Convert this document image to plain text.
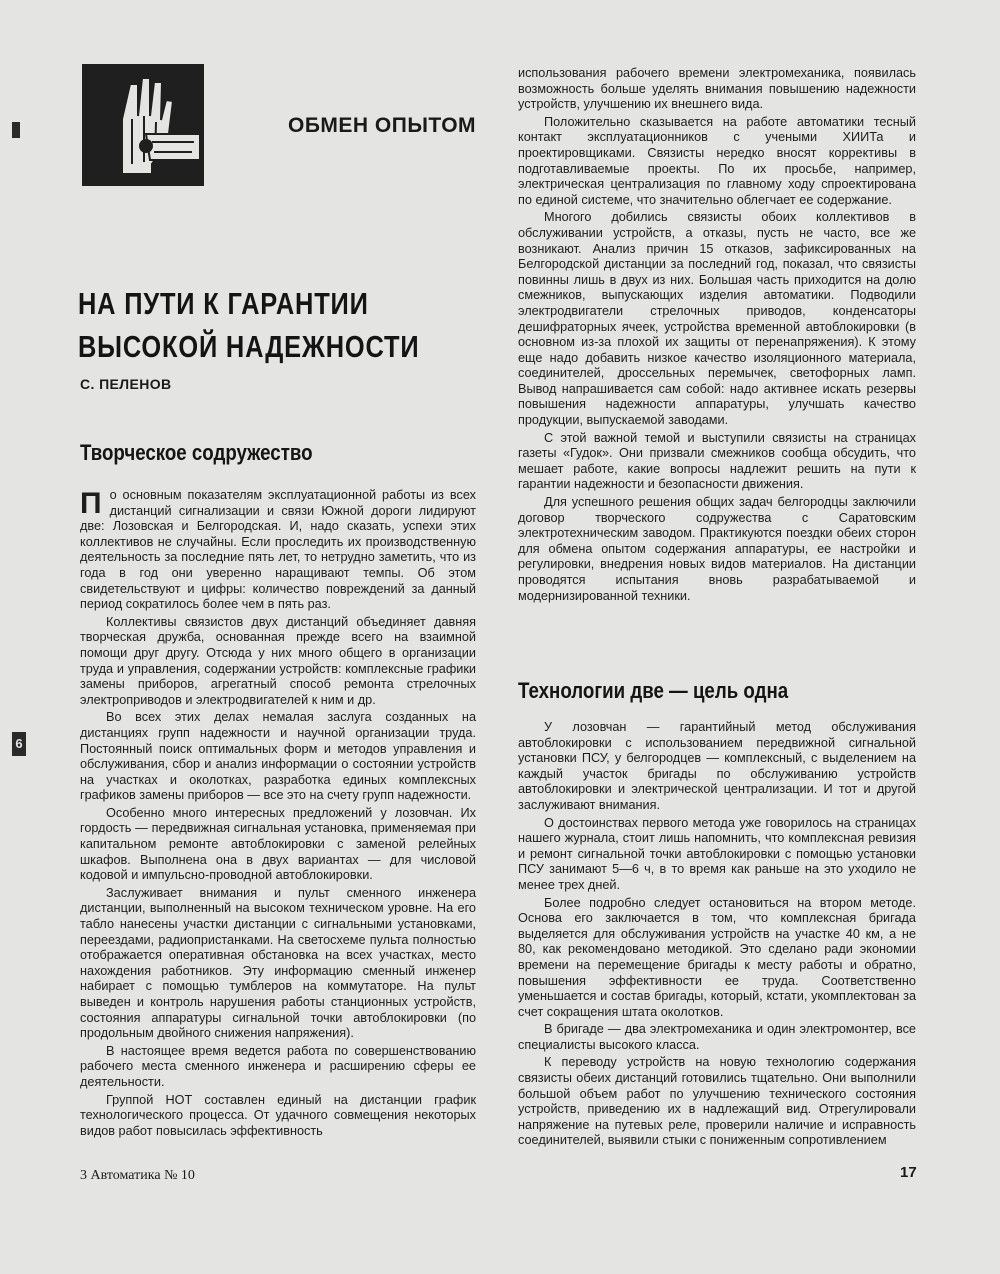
6
ОБМЕН ОПЫТОМ
НА ПУТИ К ГАРАНТИИ
ВЫСОКОЙ НАДЕЖНОСТИ
С. ПЕЛЕНОВ
Творческое содружество

По основным показателям эксплуатационной работы из всех дистанций сигнализации и связи Южной дороги лидируют две: Лозовская и Белгородская. И, надо сказать, успехи этих коллективов не случайны. Если проследить их производственную деятельность за последние пять лет, то нетрудно заметить, что из года в год они уверенно наращивают темпы. Об этом свидетельствуют и цифры: количество повреждений за данный период сократилось более чем в пять раз.

Коллективы связистов двух дистанций объединяет давняя творческая дружба, основанная прежде всего на взаимной помощи друг другу. Отсюда у них много общего в организации труда и управления, содержании устройств: комплексные графики замены приборов, агрегатный способ ремонта стрелочных электроприводов и электродвигателей к ним и др.

Во всех этих делах немалая заслуга созданных на дистанциях групп надежности и научной организации труда. Постоянный поиск оптимальных форм и методов управления и обслуживания, сбор и анализ информации о состоянии устройств на участках и околотках, разработка единых комплексных графиков замены приборов — все это на счету групп надежности.

Особенно много интересных предложений у лозовчан. Их гордость — передвижная сигнальная установка, применяемая при капитальном ремонте автоблокировки с заменой релейных шкафов. Выполнена она в двух вариантах — для числовой кодовой и импульсно-проводной автоблокировки.

Заслуживает внимания и пульт сменного инженера дистанции, выполненный на высоком техническом уровне. На его табло нанесены участки дистанции с сигнальными установками, переездами, радиопристанками. На светосхеме пульта полностью отображается оперативная обстановка на всех участках, место нахождения работников. Эту информацию сменный инженер набирает с помощью тумблеров на коммутаторе. На пульт выведен и контроль нарушения работы станционных устройств, состояния аппаратуры сигнальной точки автоблокировки (по продольным двойного снижения напряжения).

В настоящее время ведется работа по совершенствованию рабочего места сменного инженера и расширению сферы ее деятельности.

Группой НОТ составлен единый на дистанции график технологического процесса. От удачного совмещения некоторых видов работ повысилась эффективность

использования рабочего времени электромеханика, появилась возможность больше уделять внимания повышению надежности устройств, улучшению их внешнего вида.

Положительно сказывается на работе автоматики тесный контакт эксплуатационников с учеными ХИИТа и проектировщиками. Связисты нередко вносят коррективы в подготавливаемые проекты. По их просьбе, например, электрическая централизация по главному ходу спроектирована по единой системе, что значительно облегчает ее содержание.

Многого добились связисты обоих коллективов в обслуживании устройств, а отказы, пусть не часто, все же возникают. Анализ причин 15 отказов, зафиксированных на Белгородской дистанции за последний год, показал, что связисты повинны лишь в двух из них. Большая часть приходится на долю смежников, выпускающих изделия автоматики. Подводили электродвигатели стрелочных приводов, конденсаторы дешифраторных ячеек, устройства временной автоблокировки (в основном из-за плохой их защиты от перенапряжения). К этому еще надо добавить низкое качество изоляционного материала, соединителей, дроссельных перемычек, светофорных ламп. Вывод напрашивается сам собой: надо активнее искать резервы повышения надежности аппаратуры, улучшать качество продукции, выпускаемой заводами.

С этой важной темой и выступили связисты на страницах газеты «Гудок». Они призвали смежников сообща обсудить, что мешает работе, какие вопросы надлежит решить на пути к гарантии надежности и безопасности движения.

Для успешного решения общих задач белгородцы заключили договор творческого содружества с Саратовским электротехническим заводом. Практикуются поездки обеих сторон для обмена опытом содержания аппаратуры, ее настройки и регулировки, внедрения новых видов материалов. На дистанции проводятся испытания вновь разрабатываемой и модернизированной техники.

Технологии две — цель одна

У лозовчан — гарантийный метод обслуживания автоблокировки с использованием передвижной сигнальной установки ПСУ, у белгородцев — комплексный, с выделением на каждый участок бригады по обслуживанию устройств автоблокировки и электрической централизации. И тот и другой заслуживают внимания.

О достоинствах первого метода уже говорилось на страницах нашего журнала, стоит лишь напомнить, что комплексная ревизия и ремонт сигнальной точки автоблокировки с помощью установки ПСУ занимают 5—6 ч, в то время как раньше на это уходило не менее трех дней.

Более подробно следует остановиться на втором методе. Основа его заключается в том, что комплексная бригада выделяется для обслуживания устройств на участке 40 км, а не 80, как рекомендовано методикой. Это сделано ради экономии времени на перемещение бригады к месту работы и обратно, повышения эффективности ее труда. Соответственно уменьшается и состав бригады, который, кстати, укомплектован за счет сокращения штата околотков.

В бригаде — два электромеханика и один электромонтер, все специалисты высокого класса.

К переводу устройств на новую технологию содержания связисты обеих дистанций готовились тщательно. Они выполнили большой объем работ по улучшению технического состояния устройств, приведению их в надлежащий вид. Отрегулировали напряжение на путевых реле, проверили наличие и исправность соединителей, выявили стыки с пониженным сопротивлением

3 Автоматика № 10	17
